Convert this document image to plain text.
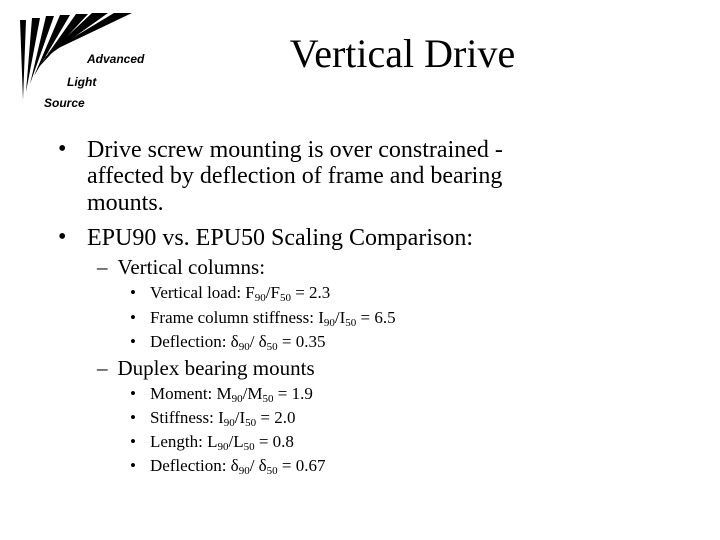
Advanced
Light
Source
Vertical Drive
• Drive screw mounting is over constrained -
affected by deflection of frame and bearing
mounts.
• EPU90 vs. EPU50 Scaling Comparison:
– Vertical columns:
• Vertical load: $F_{90}/F_{50} = 2.3$
• Frame column stiffness: $I_{90}/I_{50} = 6.5$
• Deflection: $\delta_{90}/$ $\delta_{50} = 0.35$
– Duplex bearing mounts
• Moment: $M_{90}/M_{50} = 1.9$
• Stiffness: $I_{90}/I_{50} = 2.0$
• Length: $L_{90}/L_{50} = 0.8$
• Deflection: $\delta_{90}/$ $\delta_{50} = 0.67$
